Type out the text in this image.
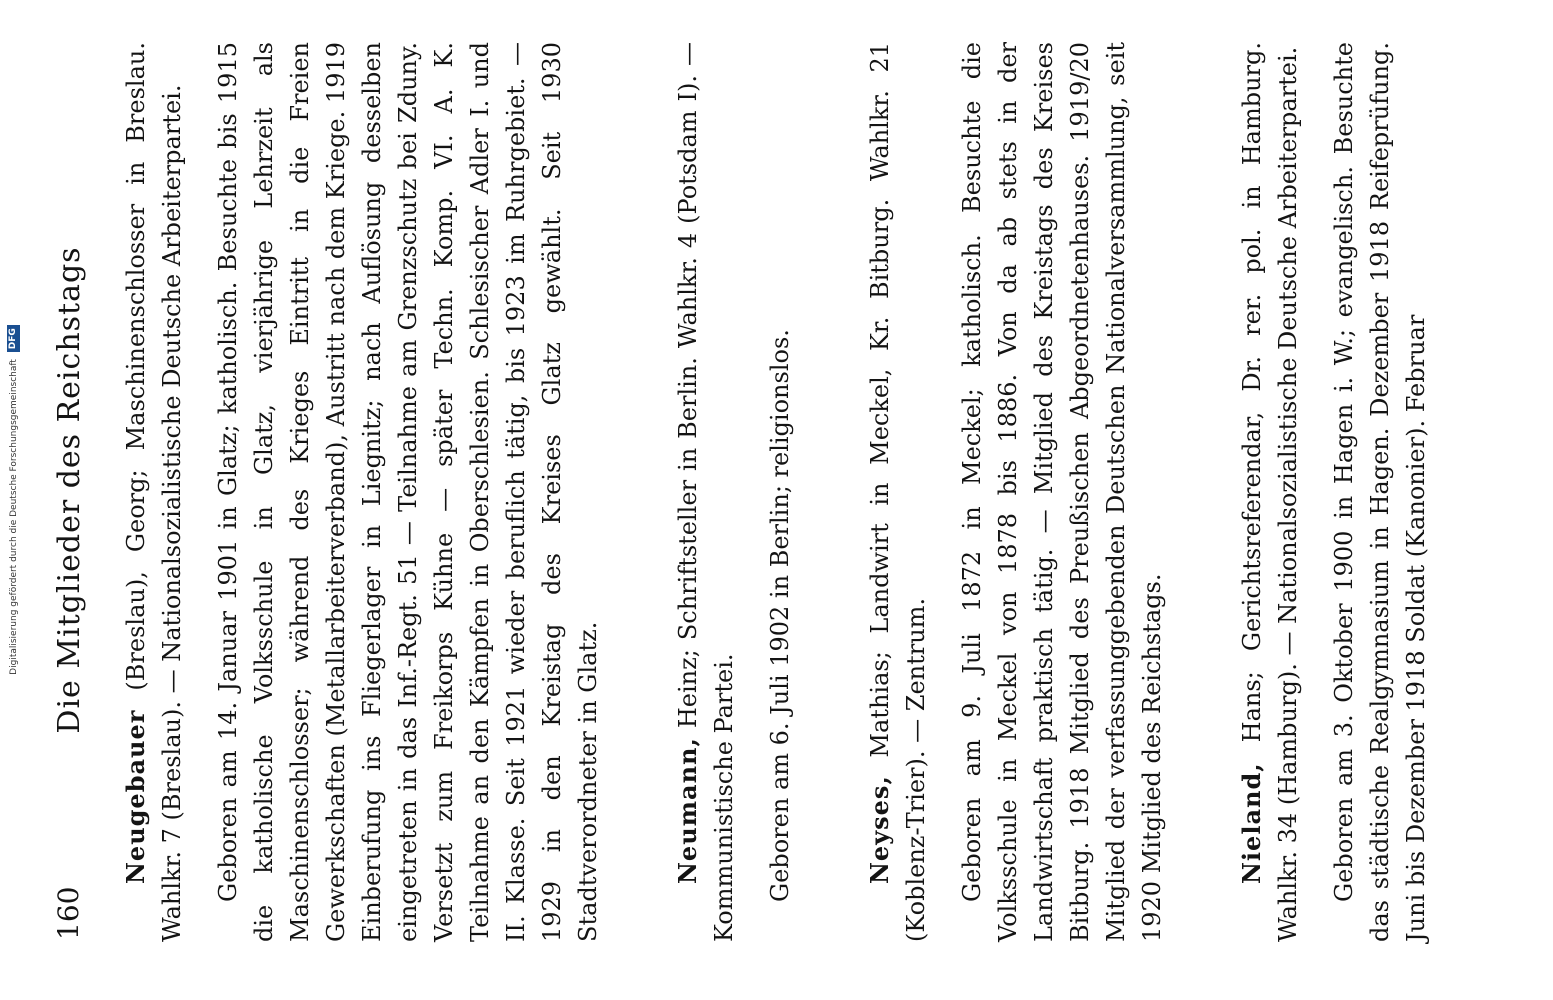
Digitalisierung gefördert durch die Deutsche Forschungsgemeinschaft DFG
160
Die Mitglieder des Reichstags

Neugebauer (Breslau), Georg; Maschinenschlosser in Breslau. Wahlkr. 7 (Breslau). — Nationalsozialistische Deutsche Arbeiterpartei. Geboren am 14. Januar 1901 in Glatz; katholisch. Besuchte bis 1915 die katholische Volksschule in Glatz, vierjährige Lehrzeit als Maschinenschlosser; während des Krieges Eintritt in die Freien Gewerkschaften (Metallarbeiterverband), Austritt nach dem Kriege. 1919 Einberufung ins Fliegerlager in Liegnitz; nach Auflösung desselben eingetreten in das Inf.-Regt. 51 — Teilnahme am Grenzschutz bei Zduny. Versetzt zum Freikorps Kühne — später Techn. Komp. VI. A. K. Teilnahme an den Kämpfen in Oberschlesien. Schlesischer Adler I. und II. Klasse. Seit 1921 wieder beruflich tätig, bis 1923 im Ruhrgebiet. — 1929 in den Kreistag des Kreises Glatz gewählt. Seit 1930 Stadtverordneter in Glatz.	Neumann, Heinz; Schriftsteller in Berlin. Wahlkr. 4 (Potsdam I). — Kommunistische Partei. Geboren am 6. Juli 1902 in Berlin; religionslos.	Neyses, Mathias; Landwirt in Meckel, Kr. Bitburg. Wahlkr. 21 (Koblenz-Trier). — Zentrum. Geboren am 9. Juli 1872 in Meckel; katholisch. Besuchte die Volksschule in Meckel von 1878 bis 1886. Von da ab stets in der Landwirtschaft praktisch tätig. — Mitglied des Kreistags des Kreises Bitburg. 1918 Mitglied des Preußischen Abgeordnetenhauses. 1919/20 Mitglied der verfassunggebenden Deutschen Nationalversammlung, seit 1920 Mitglied des Reichstags.	Nieland, Hans; Gerichtsreferendar, Dr. rer. pol. in Hamburg. Wahlkr. 34 (Hamburg). — Nationalsozialistische Deutsche Arbeiterpartei. Geboren am 3. Oktober 1900 in Hagen i. W.; evangelisch. Besuchte das städtische Realgymnasium in Hagen. Dezember 1918 Reifeprüfung. Juni bis Dezember 1918 Soldat (Kanonier). Februar
